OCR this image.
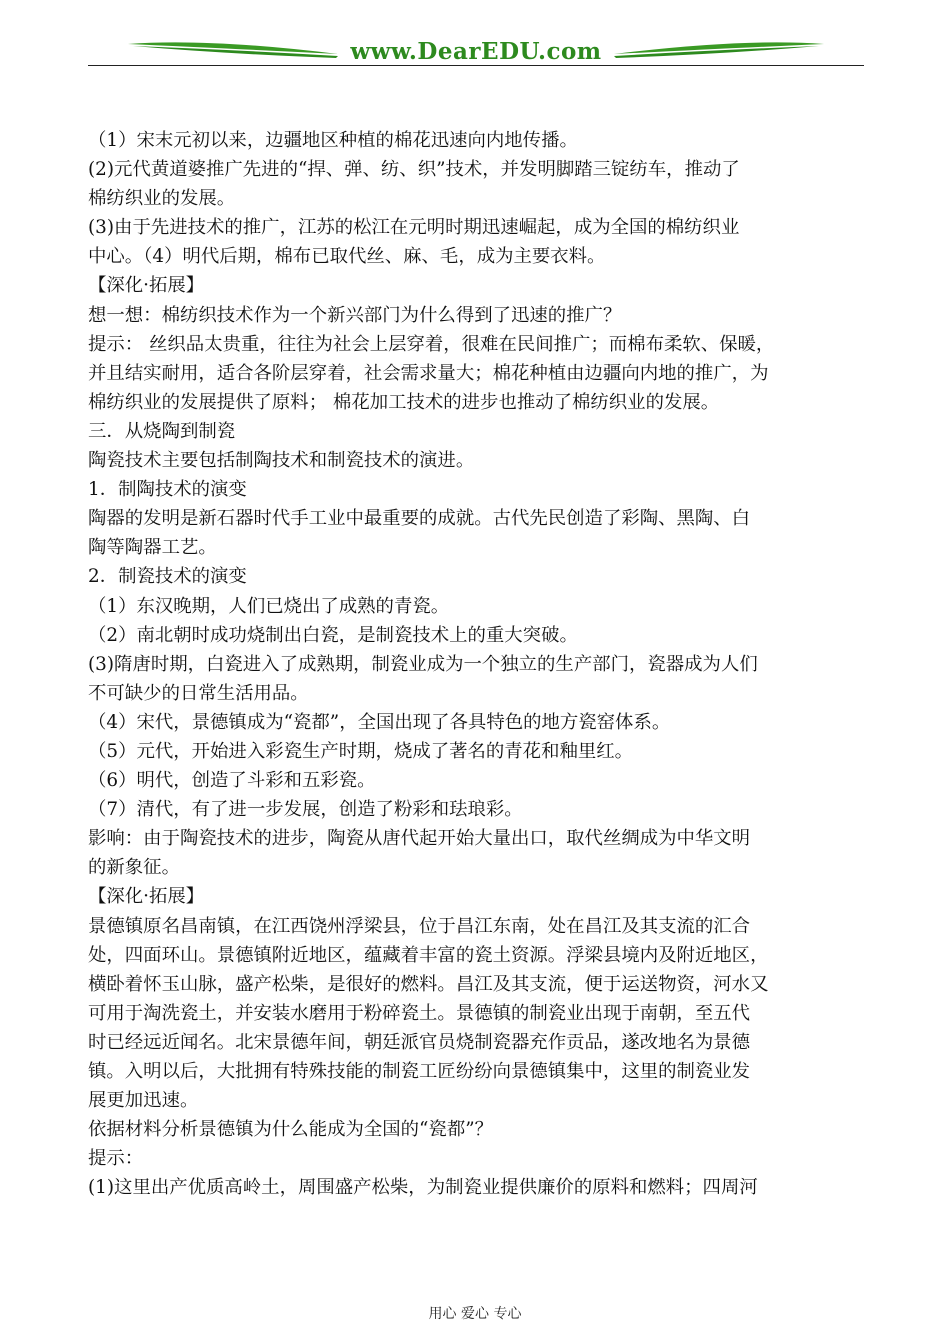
www.DearEDU.com

（1）宋末元初以来，边疆地区种植的棉花迅速向内地传播。

(2)元代黄道婆推广先进的“捍、弹、纺、织”技术，并发明脚踏三锭纺车，推动了

棉纺织业的发展。

(3)由于先进技术的推广，江苏的松江在元明时期迅速崛起，成为全国的棉纺织业

中心。（4）明代后期，棉布已取代丝、麻、毛，成为主要衣料。

【深化·拓展】

想一想：棉纺织技术作为一个新兴部门为什么得到了迅速的推广？

提示： 丝织品太贵重，往往为社会上层穿着，很难在民间推广；而棉布柔软、保暖，

并且结实耐用，适合各阶层穿着，社会需求量大；棉花种植由边疆向内地的推广，为

棉纺织业的发展提供了原料； 棉花加工技术的进步也推动了棉纺织业的发展。

三．从烧陶到制瓷

陶瓷技术主要包括制陶技术和制瓷技术的演进。

1．制陶技术的演变

陶器的发明是新石器时代手工业中最重要的成就。古代先民创造了彩陶、黑陶、白

陶等陶器工艺。

2．制瓷技术的演变

（1）东汉晚期，人们已烧出了成熟的青瓷。

（2）南北朝时成功烧制出白瓷，是制瓷技术上的重大突破。

(3)隋唐时期，白瓷进入了成熟期，制瓷业成为一个独立的生产部门，瓷器成为人们

不可缺少的日常生活用品。

（4）宋代，景德镇成为“瓷都”，全国出现了各具特色的地方瓷窑体系。

（5）元代，开始进入彩瓷生产时期，烧成了著名的青花和釉里红。

（6）明代，创造了斗彩和五彩瓷。

（7）清代，有了进一步发展，创造了粉彩和珐琅彩。

影响：由于陶瓷技术的进步，陶瓷从唐代起开始大量出口，取代丝绸成为中华文明

的新象征。

【深化·拓展】

景德镇原名昌南镇，在江西饶州浮梁县，位于昌江东南，处在昌江及其支流的汇合

处，四面环山。景德镇附近地区，蕴藏着丰富的瓷土资源。浮梁县境内及附近地区，

横卧着怀玉山脉，盛产松柴，是很好的燃料。昌江及其支流，便于运送物资，河水又

可用于淘洗瓷土，并安装水磨用于粉碎瓷土。景德镇的制瓷业出现于南朝，至五代

时已经远近闻名。北宋景德年间，朝廷派官员烧制瓷器充作贡品，遂改地名为景德

镇。入明以后，大批拥有特殊技能的制瓷工匠纷纷向景德镇集中，这里的制瓷业发

展更加迅速。

依据材料分析景德镇为什么能成为全国的“瓷都”？

提示：

(1)这里出产优质高岭土，周围盛产松柴，为制瓷业提供廉价的原料和燃料；四周河

用心 爱心 专心
